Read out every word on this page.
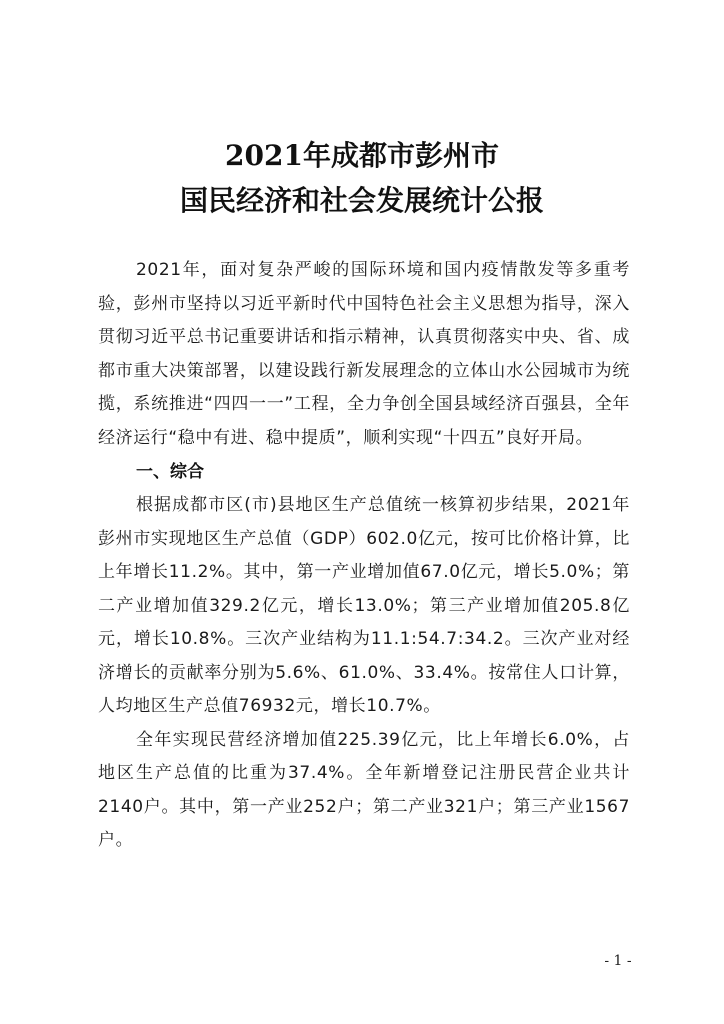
2021年成都市彭州市
国民经济和社会发展统计公报

2021年，面对复杂严峻的国际环境和国内疫情散发等多重考验，彭州市坚持以习近平新时代中国特色社会主义思想为指导，深入贯彻习近平总书记重要讲话和指示精神，认真贯彻落实中央、省、成都市重大决策部署，以建设践行新发展理念的立体山水公园城市为统揽，系统推进“四四一一”工程，全力争创全国县域经济百强县，全年经济运行“稳中有进、稳中提质”，顺利实现“十四五”良好开局。

一、综合

根据成都市区(市)县地区生产总值统一核算初步结果，2021年彭州市实现地区生产总值（GDP）602.0亿元，按可比价格计算，比上年增长11.2%。其中，第一产业增加值67.0亿元，增长5.0%；第二产业增加值329.2亿元，增长13.0%；第三产业增加值205.8亿元，增长10.8%。三次产业结构为11.1:54.7:34.2。三次产业对经济增长的贡献率分别为5.6%、61.0%、33.4%。按常住人口计算，人均地区生产总值76932元，增长10.7%。

全年实现民营经济增加值225.39亿元，比上年增长6.0%，占地区生产总值的比重为37.4%。全年新增登记注册民营企业共计2140户。其中，第一产业252户；第二产业321户；第三产业1567户。

- 1 -
